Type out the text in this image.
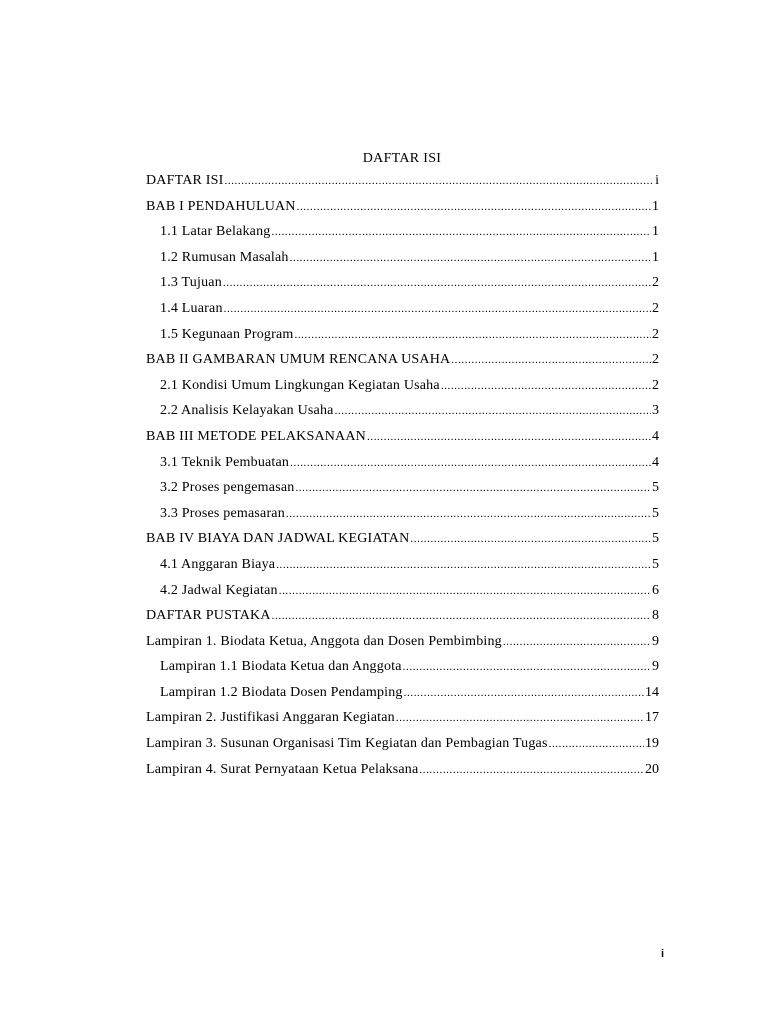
DAFTAR ISI
DAFTAR ISI .....	i
BAB I PENDAHULUAN .....	1
1.1 Latar Belakang .....	1
1.2 Rumusan Masalah .....	1
1.3 Tujuan .....	2
1.4 Luaran .....	2
1.5 Kegunaan Program .....	2
BAB II GAMBARAN UMUM RENCANA USAHA .....	2
2.1 Kondisi Umum Lingkungan Kegiatan Usaha .....	2
2.2 Analisis Kelayakan Usaha .....	3
BAB III METODE PELAKSANAAN .....	4
3.1 Teknik Pembuatan .....	4
3.2 Proses pengemasan .....	5
3.3 Proses pemasaran .....	5
BAB IV BIAYA DAN JADWAL KEGIATAN .....	5
4.1 Anggaran Biaya .....	5
4.2 Jadwal Kegiatan .....	6
DAFTAR PUSTAKA .....	8
Lampiran 1. Biodata Ketua, Anggota dan Dosen Pembimbing .....	9
Lampiran 1.1 Biodata Ketua dan Anggota .....	9
Lampiran 1.2 Biodata Dosen Pendamping .....	14
Lampiran 2. Justifikasi Anggaran Kegiatan .....	17
Lampiran 3. Susunan Organisasi Tim Kegiatan dan Pembagian Tugas .....	19
Lampiran 4. Surat Pernyataan Ketua Pelaksana .....	20
i
